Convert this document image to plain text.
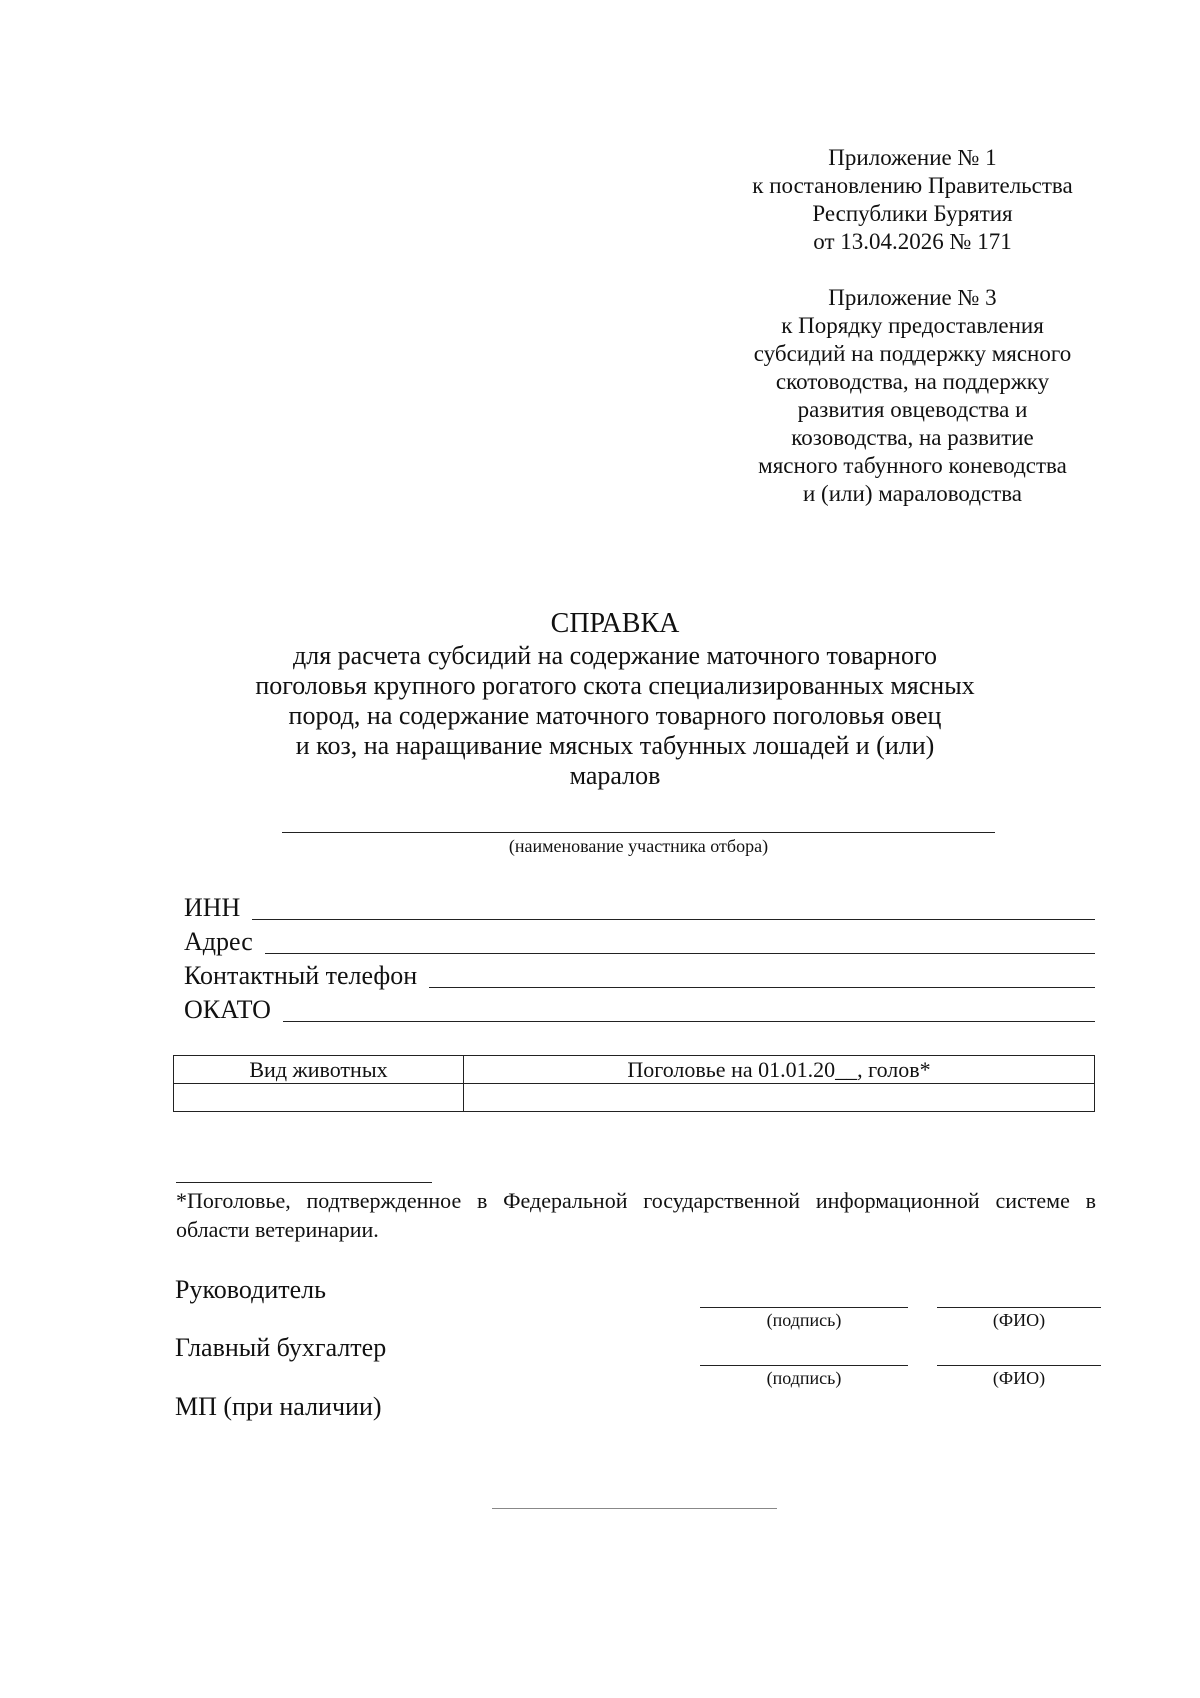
Приложение № 1
к постановлению Правительства
Республики Бурятия
от 13.04.2026 № 171
Приложение № 3
к Порядку предоставления
субсидий на поддержку мясного
скотоводства, на поддержку
развития овцеводства и
козоводства, на развитие
мясного табунного коневодства
и (или) мараловодства
СПРАВКА
для расчета субсидий на содержание маточного товарного
поголовья крупного рогатого скота специализированных мясных
пород, на содержание маточного товарного поголовья овец
и коз, на наращивание мясных табунных лошадей и (или)
маралов
(наименование участника отбора)
ИНН
Адрес
Контактный телефон
ОКАТО
Вид животных	Поголовье на 01.01.20__, голов*

*Поголовье, подтвержденное в Федеральной государственной информационной системе в области ветеринарии.
Руководитель
(подпись)	(ФИО)
Главный бухгалтер
(подпись)	(ФИО)
МП (при наличии)
